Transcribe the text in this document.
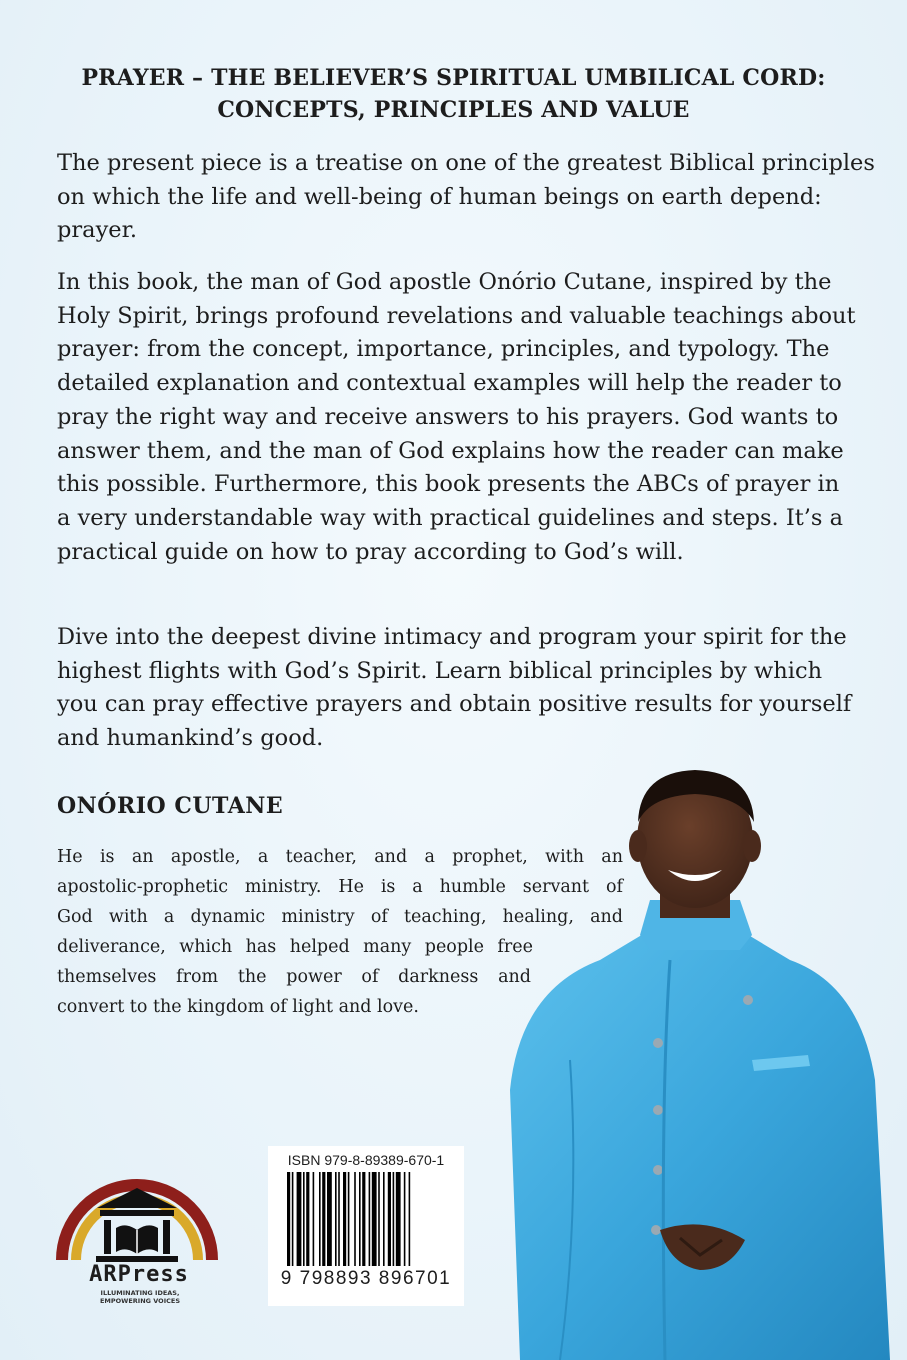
PRAYER – THE BELIEVER’S SPIRITUAL UMBILICAL CORD:
CONCEPTS, PRINCIPLES AND VALUE
The present piece is a treatise on one of the greatest Biblical principles
on which the life and well-being of human beings on earth depend:
prayer.
In this book, the man of God apostle Onório Cutane, inspired by the
Holy Spirit, brings profound revelations and valuable teachings about
prayer: from the concept, importance, principles, and typology. The
detailed explanation and contextual examples will help the reader to
pray the right way and receive answers to his prayers. God wants to
answer them, and the man of God explains how the reader can make
this possible. Furthermore, this book presents the ABCs of prayer in
a very understandable way with practical guidelines and steps. It’s a
practical guide on how to pray according to God’s will.
Dive into the deepest divine intimacy and program your spirit for the
highest flights with God’s Spirit. Learn biblical principles by which
you can pray effective prayers and obtain positive results for yourself
and humankind’s good.
ONÓRIO CUTANE
He is an apostle, a teacher, and a prophet, with an
apostolic-prophetic ministry. He is a humble servant of
God with a dynamic ministry of teaching, healing, and
deliverance, which has helped many people free
themselves from the power of darkness and
convert to the kingdom of light and love.
ARPress
ILLUMINATING IDEAS,
EMPOWERING VOICES
ISBN 979-8-89389-670-1
9 798893 896701
